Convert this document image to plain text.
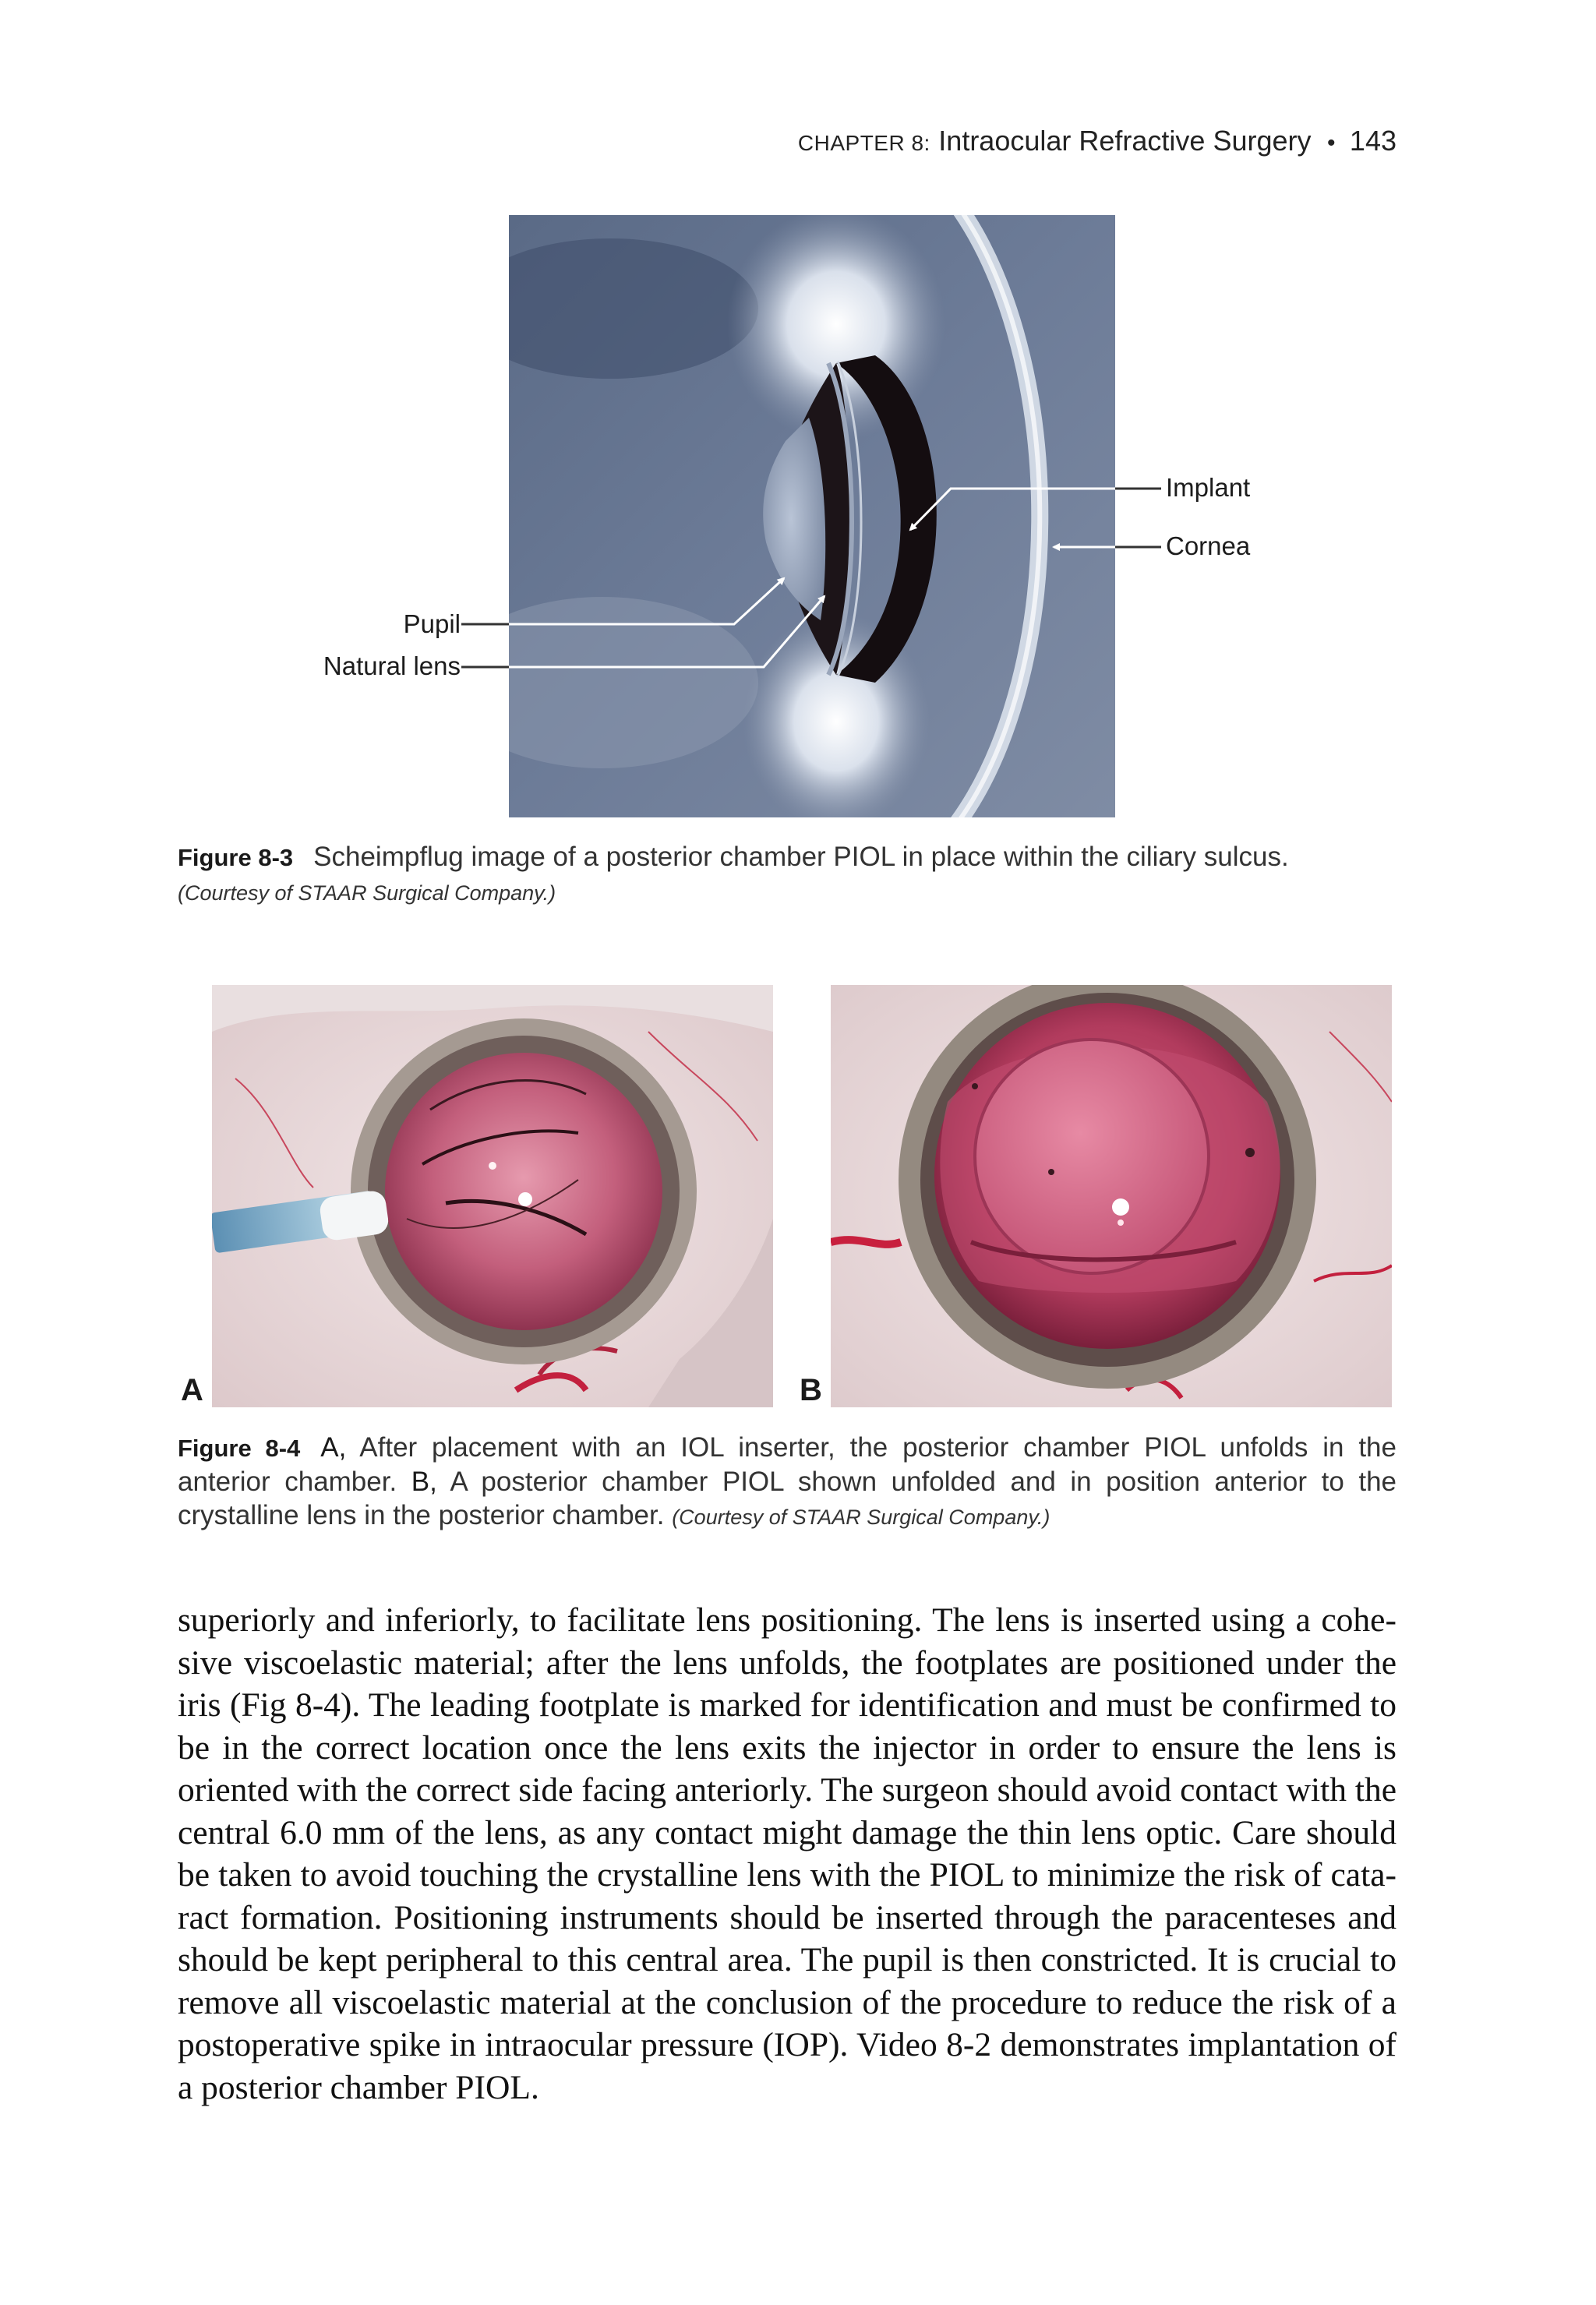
CHAPTER 8: Intraocular Refractive Surgery • 143
Implant
Cornea
Pupil
Natural lens
Figure 8-3 Scheimpflug image of a posterior chamber PIOL in place within the ciliary sulcus.
(Courtesy of STAAR Surgical Company.)
A	B
Figure 8-4 A, After placement with an IOL inserter, the posterior chamber PIOL unfolds in the anterior chamber. B, A posterior chamber PIOL shown unfolded and in position anterior to the crystalline lens in the posterior chamber. (Courtesy of STAAR Surgical Company.)
superiorly and inferiorly, to facilitate lens positioning. The lens is inserted using a cohesive viscoelastic material; after the lens unfolds, the footplates are positioned under the iris (Fig 8-4). The leading footplate is marked for identification and must be confirmed to be in the correct location once the lens exits the injector in order to ensure the lens is oriented with the correct side facing anteriorly. The surgeon should avoid contact with the central 6.0 mm of the lens, as any contact might damage the thin lens optic. Care should be taken to avoid touching the crystalline lens with the PIOL to minimize the risk of cataract formation. Positioning instruments should be inserted through the paracenteses and should be kept peripheral to this central area. The pupil is then constricted. It is crucial to remove all viscoelastic material at the conclusion of the procedure to reduce the risk of a postoperative spike in intraocular pressure (IOP). Video 8-2 demonstrates implantation of a posterior chamber PIOL.
